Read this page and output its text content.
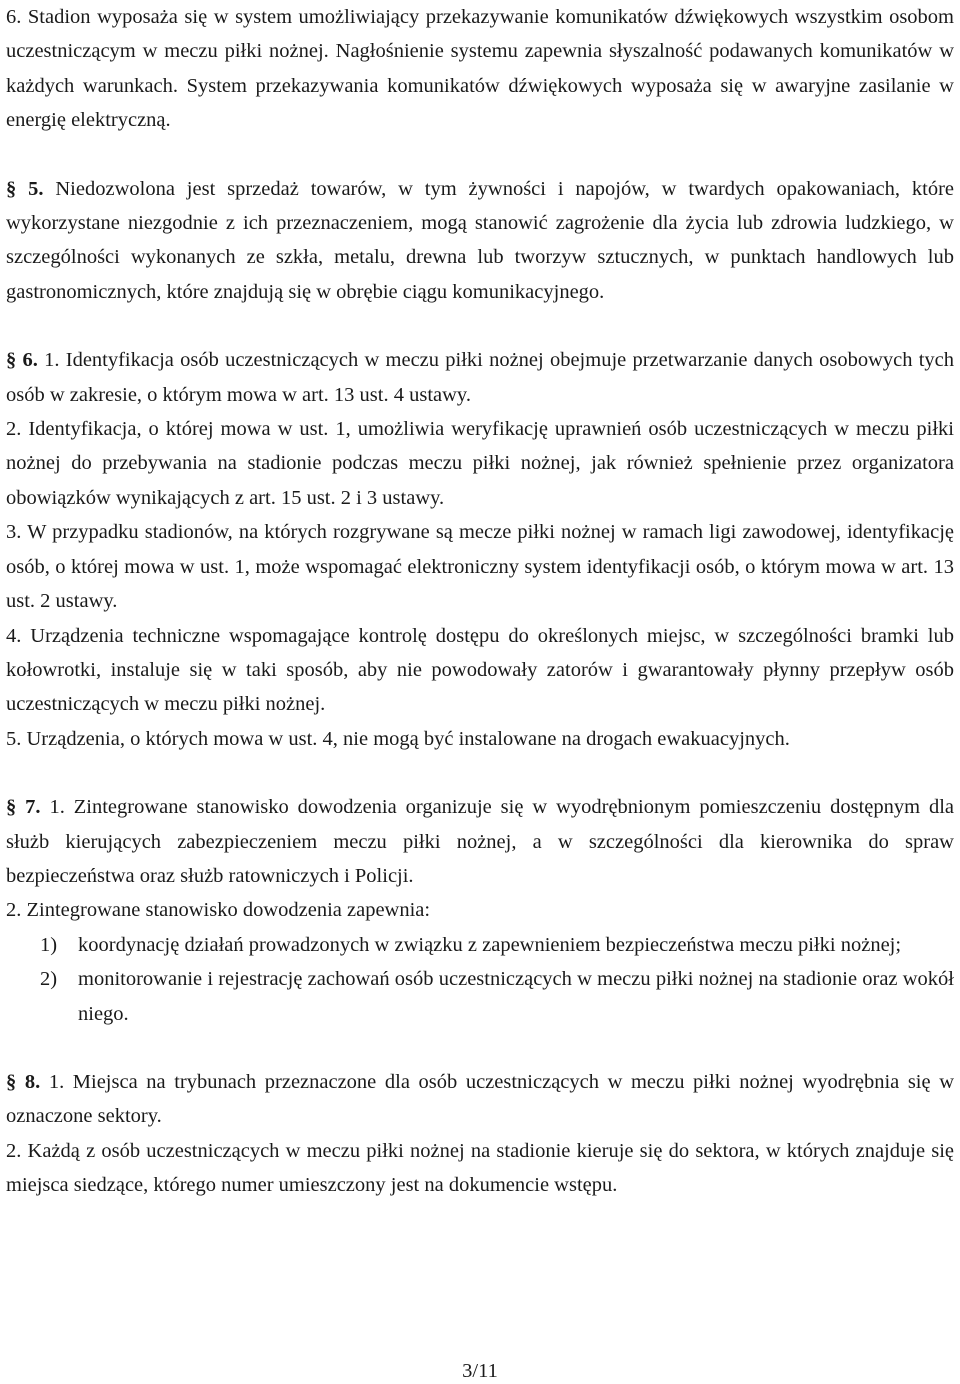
6. Stadion wyposaża się w system umożliwiający przekazywanie komunikatów dźwiękowych wszystkim osobom uczestniczącym w meczu piłki nożnej. Nagłośnienie systemu zapewnia słyszalność podawanych komunikatów w każdych warunkach. System przekazywania komunikatów dźwiękowych wyposaża się w awaryjne zasilanie w energię elektryczną.

§ 5. Niedozwolona jest sprzedaż towarów, w tym żywności i napojów, w twardych opakowaniach, które wykorzystane niezgodnie z ich przeznaczeniem, mogą stanowić zagrożenie dla życia lub zdrowia ludzkiego, w szczególności wykonanych ze szkła, metalu, drewna lub tworzyw sztucznych, w punktach handlowych lub gastronomicznych, które znajdują się w obrębie ciągu komunikacyjnego.

§ 6. 1. Identyfikacja osób uczestniczących w meczu piłki nożnej obejmuje przetwarzanie danych osobowych tych osób w zakresie, o którym mowa w art. 13 ust. 4 ustawy.

2. Identyfikacja, o której mowa w ust. 1, umożliwia weryfikację uprawnień osób uczestniczących w meczu piłki nożnej do przebywania na stadionie podczas meczu piłki nożnej, jak również spełnienie przez organizatora obowiązków wynikających z art. 15 ust. 2 i 3 ustawy.

3. W przypadku stadionów, na których rozgrywane są mecze piłki nożnej w ramach ligi zawodowej, identyfikację osób, o której mowa w ust. 1, może wspomagać elektroniczny system identyfikacji osób, o którym mowa w art. 13 ust. 2 ustawy.

4. Urządzenia techniczne wspomagające kontrolę dostępu do określonych miejsc, w szczególności bramki lub kołowrotki, instaluje się w taki sposób, aby nie powodowały zatorów i gwarantowały płynny przepływ osób uczestniczących w meczu piłki nożnej.

5. Urządzenia, o których mowa w ust. 4, nie mogą być instalowane na drogach ewakuacyjnych.

§ 7. 1. Zintegrowane stanowisko dowodzenia organizuje się w wyodrębnionym pomieszczeniu dostępnym dla służb kierujących zabezpieczeniem meczu piłki nożnej, a w szczególności dla kierownika do spraw bezpieczeństwa oraz służb ratowniczych i Policji.

2. Zintegrowane stanowisko dowodzenia zapewnia:

1)	koordynację działań prowadzonych w związku z zapewnieniem bezpieczeństwa meczu piłki nożnej;

2)	monitorowanie i rejestrację zachowań osób uczestniczących w meczu piłki nożnej na stadionie oraz wokół niego.

§ 8. 1. Miejsca na trybunach przeznaczone dla osób uczestniczących w meczu piłki nożnej wyodrębnia się w oznaczone sektory.

2. Każdą z osób uczestniczących w meczu piłki nożnej na stadionie kieruje się do sektora, w których znajduje się miejsca siedzące, którego numer umieszczony jest na dokumencie wstępu.

3/11
